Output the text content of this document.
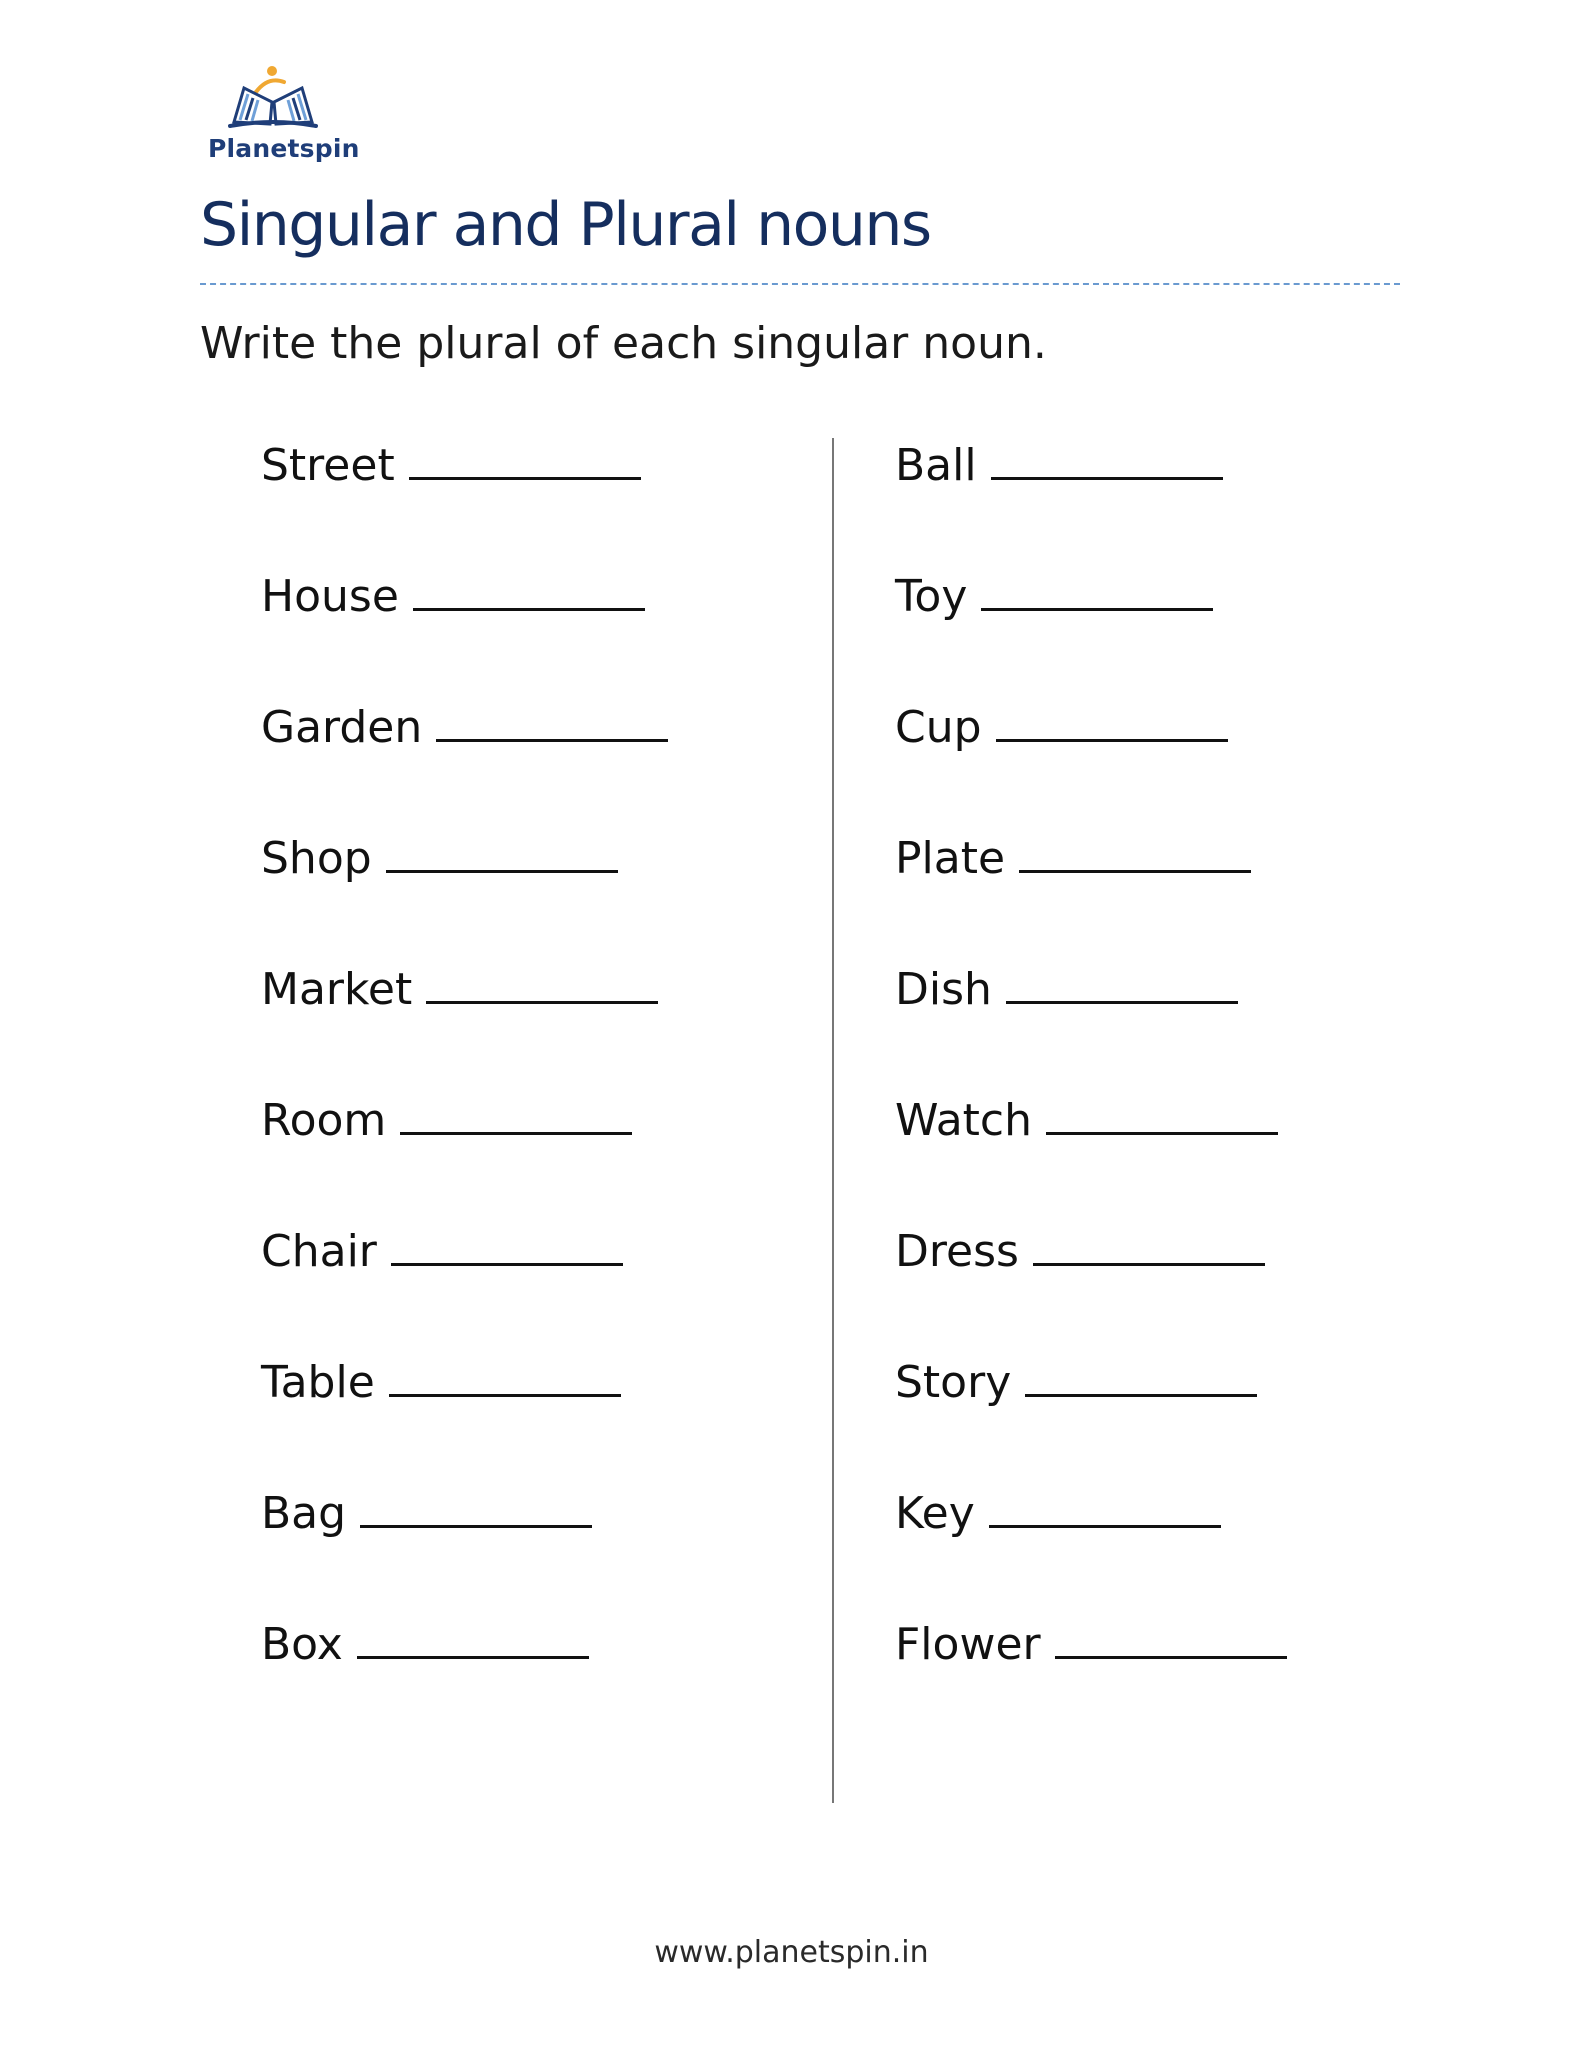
Planetspin
Singular and Plural nouns
Write the plural of each singular noun.
Street
House
Garden
Shop
Market
Room
Chair
Table
Bag
Box
Ball
Toy
Cup
Plate
Dish
Watch
Dress
Story
Key
Flower
www.planetspin.in
